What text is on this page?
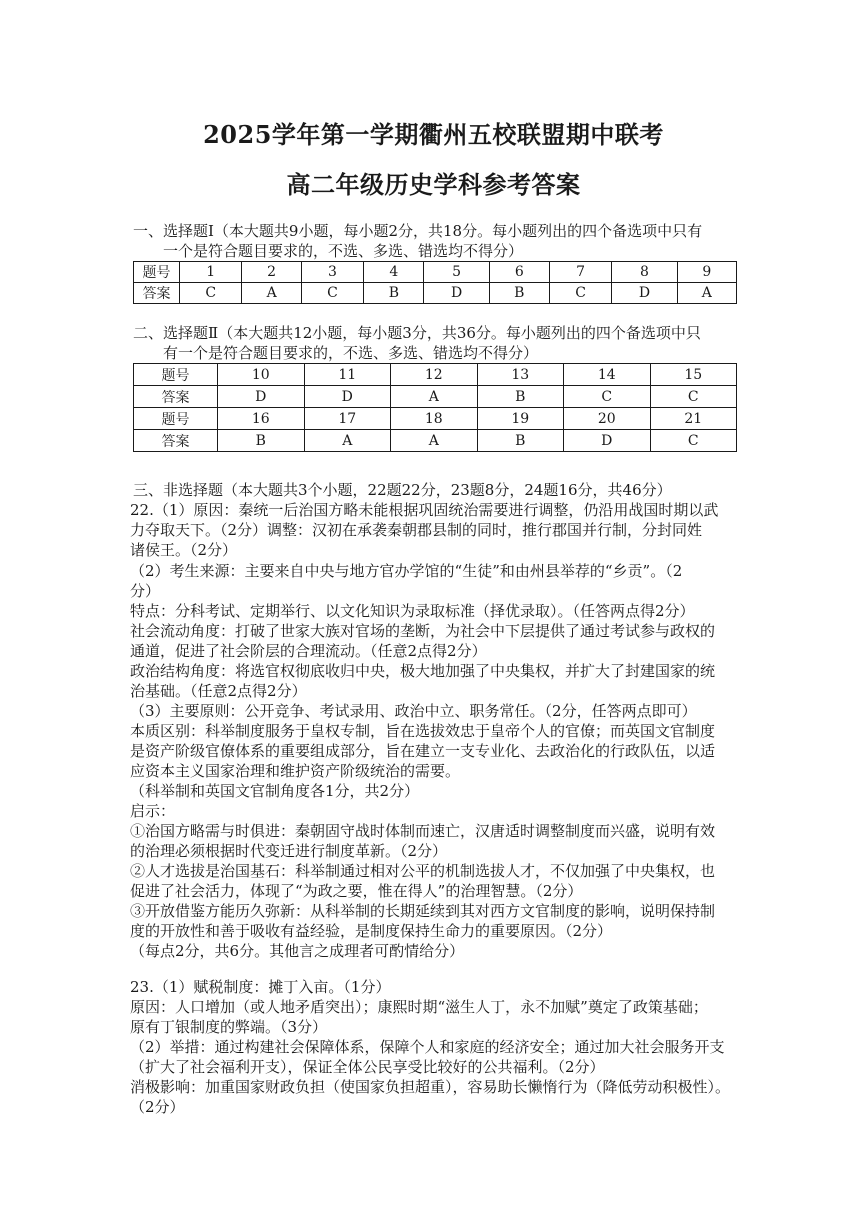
2025学年第一学期衢州五校联盟期中联考
高二年级历史学科参考答案
一、选择题Ⅰ（本大题共9小题，每小题2分，共18分。每小题列出的四个备选项中只有
一个是符合题目要求的，不选、多选、错选均不得分）
题号	1	2	3	4	5	6	7	8	9
答案	C	A	C	B	D	B	C	D	A
二、选择题Ⅱ（本大题共12小题，每小题3分，共36分。每小题列出的四个备选项中只
有一个是符合题目要求的，不选、多选、错选均不得分）
题号	10	11	12	13	14	15
答案	D	D	A	B	C	C
题号	16	17	18	19	20	21
答案	B	A	A	B	D	C
三、非选择题（本大题共3个小题，22题22分，23题8分，24题16分，共46分）
22.（1）原因：秦统一后治国方略未能根据巩固统治需要进行调整，仍沿用战国时期以武
力夺取天下。（2分）调整：汉初在承袭秦朝郡县制的同时，推行郡国并行制，分封同姓
诸侯王。（2分）
（2）考生来源：主要来自中央与地方官办学馆的“生徒”和由州县举荐的“乡贡”。（2
分）
特点：分科考试、定期举行、以文化知识为录取标准（择优录取）。（任答两点得2分）
社会流动角度：打破了世家大族对官场的垄断，为社会中下层提供了通过考试参与政权的
通道，促进了社会阶层的合理流动。（任意2点得2分）
政治结构角度：将选官权彻底收归中央，极大地加强了中央集权，并扩大了封建国家的统
治基础。（任意2点得2分）
（3）主要原则：公开竞争、考试录用、政治中立、职务常任。（2分，任答两点即可）
本质区别：科举制度服务于皇权专制，旨在选拔效忠于皇帝个人的官僚；而英国文官制度
是资产阶级官僚体系的重要组成部分，旨在建立一支专业化、去政治化的行政队伍，以适
应资本主义国家治理和维护资产阶级统治的需要。
（科举制和英国文官制角度各1分，共2分）
启示：
①治国方略需与时俱进：秦朝固守战时体制而速亡，汉唐适时调整制度而兴盛，说明有效
的治理必须根据时代变迁进行制度革新。（2分）
②人才选拔是治国基石：科举制通过相对公平的机制选拔人才，不仅加强了中央集权，也
促进了社会活力，体现了“为政之要，惟在得人”的治理智慧。（2分）
③开放借鉴方能历久弥新：从科举制的长期延续到其对西方文官制度的影响，说明保持制
度的开放性和善于吸收有益经验，是制度保持生命力的重要原因。（2分）
（每点2分，共6分。其他言之成理者可酌情给分）
23.（1）赋税制度：摊丁入亩。（1分）
原因：人口增加（或人地矛盾突出）；康熙时期“滋生人丁，永不加赋”奠定了政策基础；
原有丁银制度的弊端。（3分）
（2）举措：通过构建社会保障体系，保障个人和家庭的经济安全；通过加大社会服务开支
（扩大了社会福利开支），保证全体公民享受比较好的公共福利。（2分）
消极影响：加重国家财政负担（使国家负担超重），容易助长懒惰行为（降低劳动积极性）。
（2分）
